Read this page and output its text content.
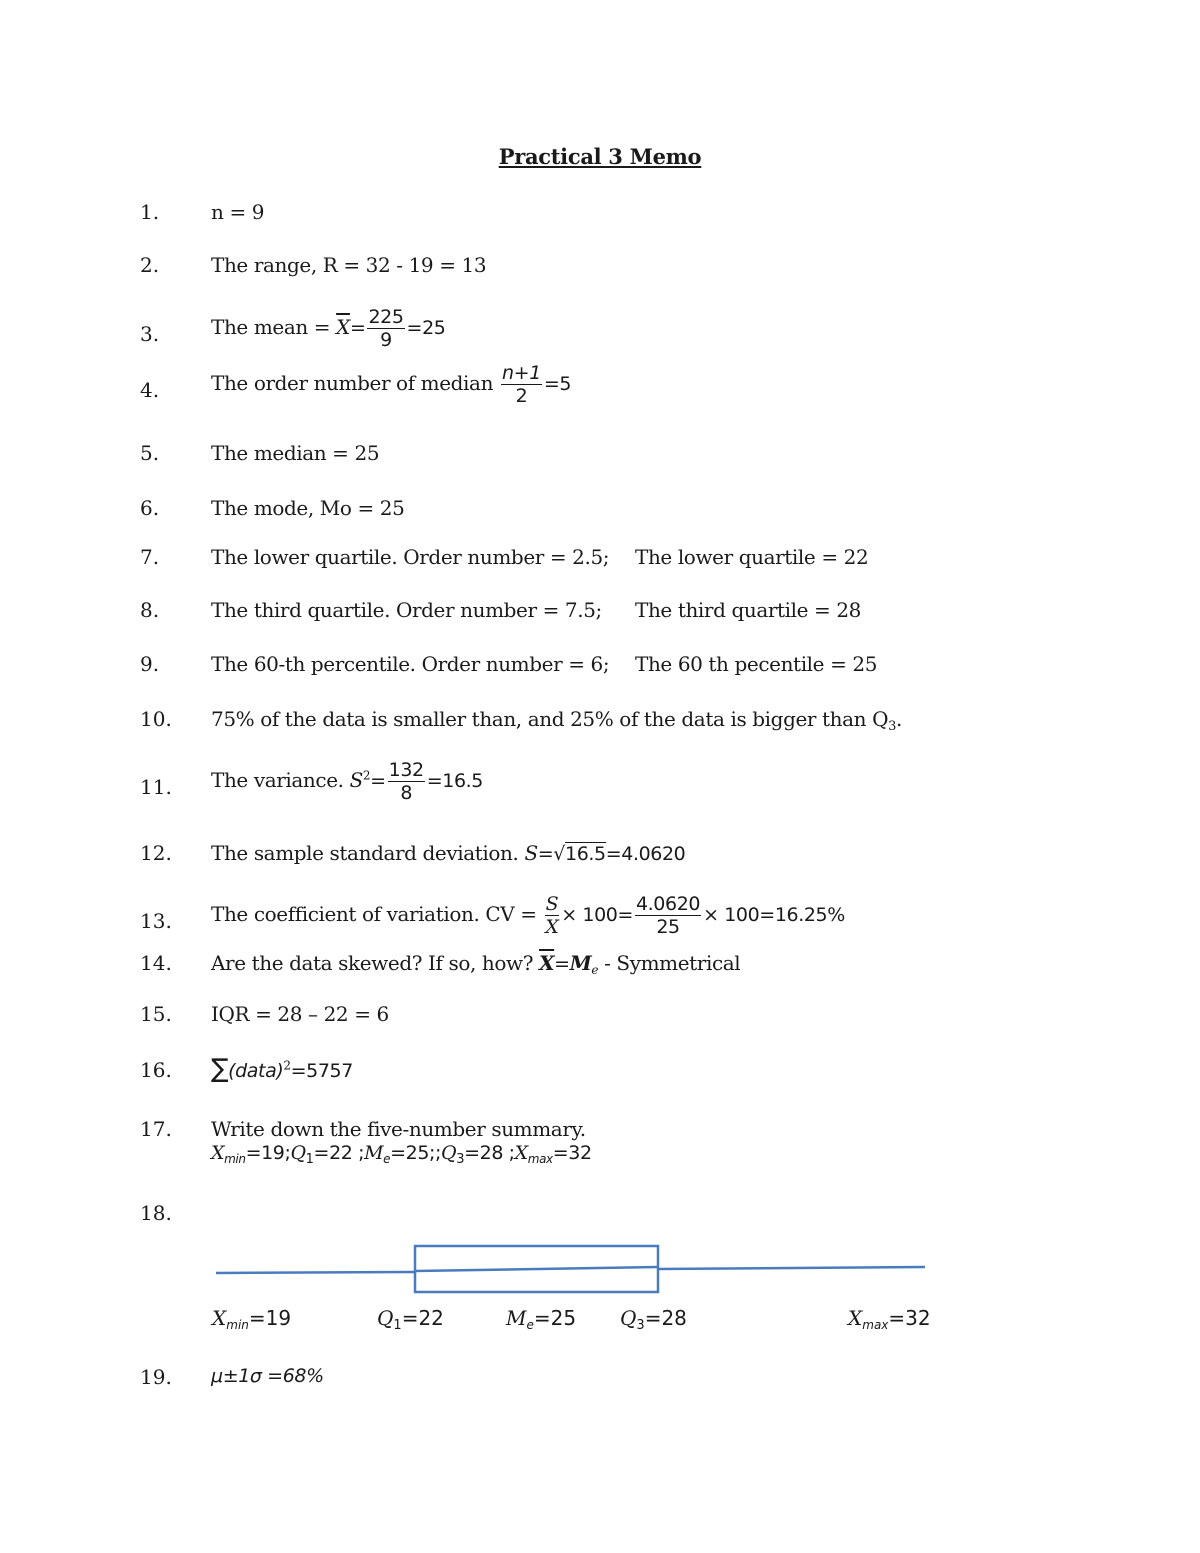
Practical 3 Memo
1.	n = 9
2.	The range, R = 32 - 19 = 13
3.	The mean = $\overline{X}= \frac{225}{9} =25$
4.	The order number of median $\frac{n+1}{2} =5$
5.	The median = 25
6.	The mode, Mo = 25
7.	The lower quartile. Order number = 2.5; The lower quartile = 22
8.	The third quartile. Order number = 7.5; The third quartile = 28
9.	The 60-th percentile. Order number = 6; The 60 th pecentile = 25
10. 75% of the data is smaller than, and 25% of the data is bigger than $Q_3$.
11. The variance. $S^2= \frac{132}{8} =16.5$
12. The sample standard deviation. S=√16.5=4.0620
13. The coefficient of variation. CV = $\frac{S}{X} \times 100= \frac{4.0620}{25} \times 100=16.25\%$
14. Are the data skewed? If so, how? $\overline{X}=M_e$ - Symmetrical
15. IQR = 28 – 22 = 6
16. ∑(data)$^2$=5757
17. Write down the five-number summary.
$X_{min}=19;Q_1=22$ $;M_e=25;;Q_3=28$ $;X_{max}=32$
18.
$X_{min}=19$	$Q_1=22$	$M_e=25$ $Q_3=28$	$X_{max}=32$
19. μ±1σ =68%
